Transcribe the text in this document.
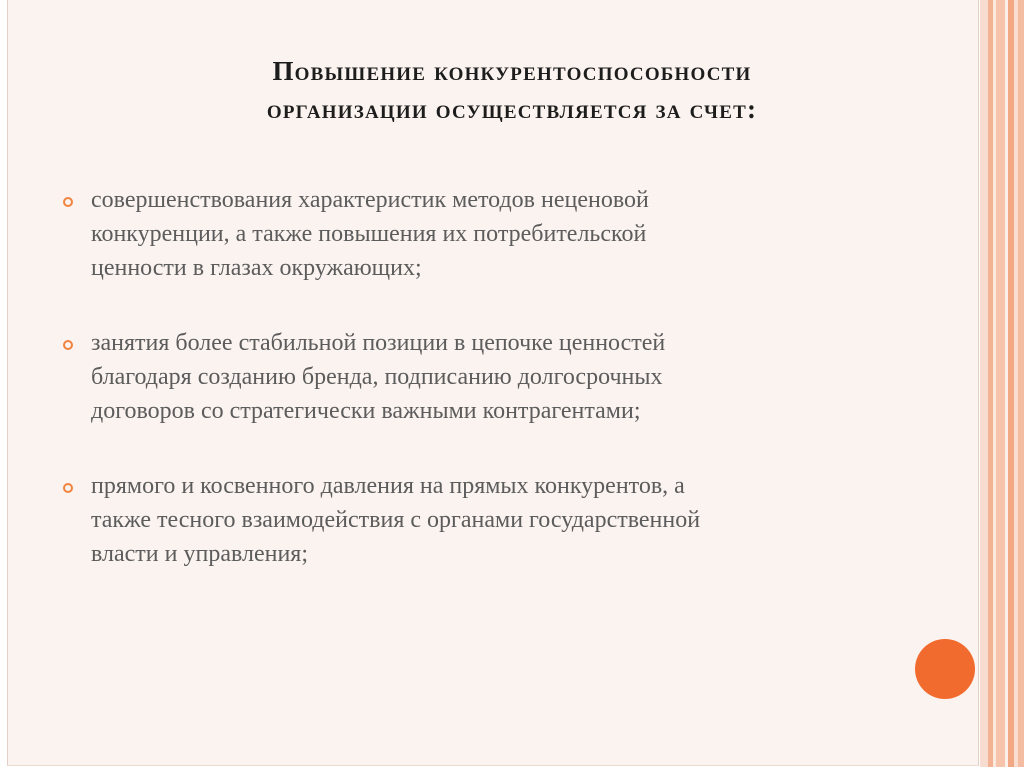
Повышение конкурентоспособности
организации осуществляется за счет:
совершенствования характеристик методов неценовой
конкуренции, а также повышения их потребительской
ценности в глазах окружающих;
занятия более стабильной позиции в цепочке ценностей
благодаря созданию бренда, подписанию долгосрочных
договоров со стратегически важными контрагентами;
прямого и косвенного давления на прямых конкурентов, а
также тесного взаимодействия с органами государственной
власти и управления;
